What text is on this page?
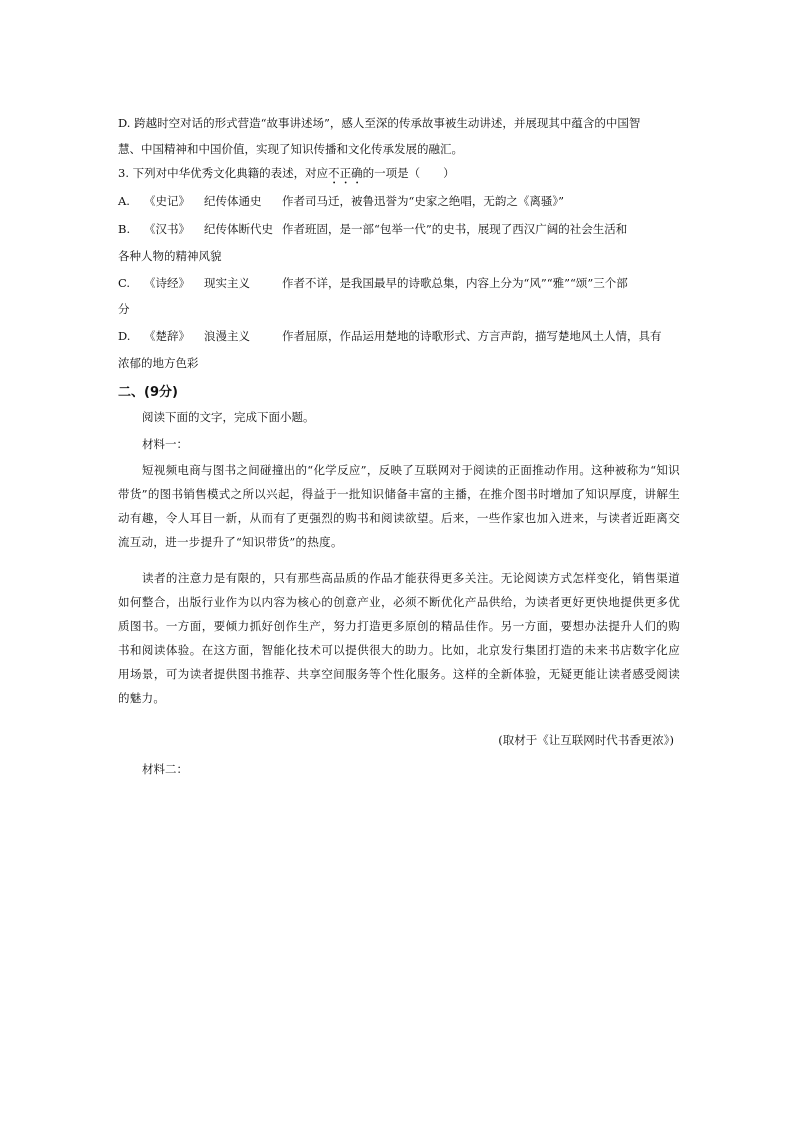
D. 跨越时空对话的形式营造“故事讲述场”，感人至深的传承故事被生动讲述，并展现其中蕴含的中国智
慧、中国精神和中国价值，实现了知识传播和文化传承发展的融汇。
3. 下列对中华优秀文化典籍的表述，对应不正确的一项是（　　）
A. 《史记》 纪传体通史 作者司马迁，被鲁迅誉为“史家之绝唱，无韵之《离骚》”
B. 《汉书》 纪传体断代史 作者班固，是一部“包举一代”的史书，展现了西汉广阔的社会生活和
各种人物的精神风貌
C. 《诗经》 现实主义	作者不详，是我国最早的诗歌总集，内容上分为“风”“雅”“颂”三个部
分
D. 《楚辞》 浪漫主义	作者屈原，作品运用楚地的诗歌形式、方言声韵，描写楚地风土人情，具有
浓郁的地方色彩
二、(9分)
阅读下面的文字，完成下面小题。
材料一：
短视频电商与图书之间碰撞出的“化学反应”，反映了互联网对于阅读的正面推动作用。这种被称为“知识带货”的图书销售模式之所以兴起，得益于一批知识储备丰富的主播，在推介图书时增加了知识厚度，讲解生动有趣，令人耳目一新，从而有了更强烈的购书和阅读欲望。后来，一些作家也加入进来，与读者近距离交流互动，进一步提升了“知识带货”的热度。
读者的注意力是有限的，只有那些高品质的作品才能获得更多关注。无论阅读方式怎样变化，销售渠道如何整合，出版行业作为以内容为核心的创意产业，必须不断优化产品供给，为读者更好更快地提供更多优质图书。一方面，要倾力抓好创作生产，努力打造更多原创的精品佳作。另一方面，要想办法提升人们的购书和阅读体验。在这方面，智能化技术可以提供很大的助力。比如，北京发行集团打造的未来书店数字化应用场景，可为读者提供图书推荐、共享空间服务等个性化服务。这样的全新体验，无疑更能让读者感受阅读的魅力。
(取材于《让互联网时代书香更浓》)
材料二：
